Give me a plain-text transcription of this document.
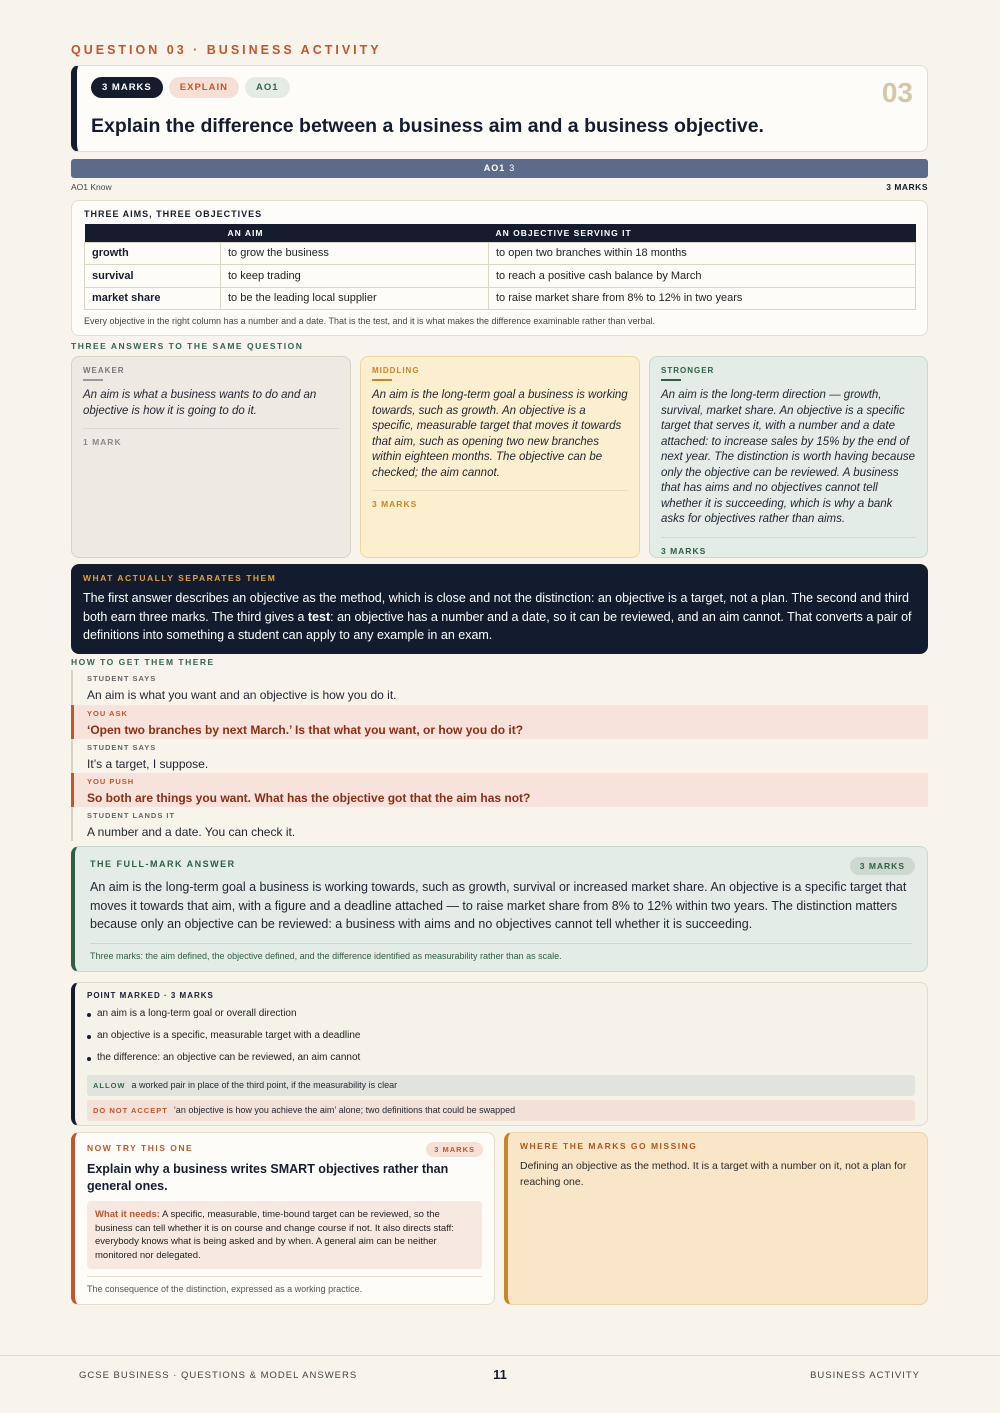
QUESTION 03 · BUSINESS ACTIVITY
3 MARKS	EXPLAIN	AO1	03
Explain the difference between a business aim and a business objective.
AO1 3
AO1 Know	3 MARKS
THREE AIMS, THREE OBJECTIVES
	AN AIM	AN OBJECTIVE SERVING IT
growth	to grow the business	to open two branches within 18 months
survival	to keep trading	to reach a positive cash balance by March
market share	to be the leading local supplier	to raise market share from 8% to 12% in two years
Every objective in the right column has a number and a date. That is the test, and it is what makes the difference examinable rather than verbal.
THREE ANSWERS TO THE SAME QUESTION
WEAKER
An aim is what a business wants to do and an objective is how it is going to do it.
1 MARK
MIDDLING
An aim is the long-term goal a business is working towards, such as growth. An objective is a specific, measurable target that moves it towards that aim, such as opening two new branches within eighteen months. The objective can be checked; the aim cannot.
3 MARKS
STRONGER
An aim is the long-term direction — growth, survival, market share. An objective is a specific target that serves it, with a number and a date attached: to increase sales by 15% by the end of next year. The distinction is worth having because only the objective can be reviewed. A business that has aims and no objectives cannot tell whether it is succeeding, which is why a bank asks for objectives rather than aims.
3 MARKS
WHAT ACTUALLY SEPARATES THEM
The first answer describes an objective as the method, which is close and not the distinction: an objective is a target, not a plan. The second and third both earn three marks. The third gives a test: an objective has a number and a date, so it can be reviewed, and an aim cannot. That converts a pair of definitions into something a student can apply to any example in an exam.
HOW TO GET THEM THERE
STUDENT SAYS
An aim is what you want and an objective is how you do it.
YOU ASK
‘Open two branches by next March.’ Is that what you want, or how you do it?
STUDENT SAYS
It’s a target, I suppose.
YOU PUSH
So both are things you want. What has the objective got that the aim has not?
STUDENT LANDS IT
A number and a date. You can check it.
THE FULL-MARK ANSWER	3 MARKS
An aim is the long-term goal a business is working towards, such as growth, survival or increased market share. An objective is a specific target that moves it towards that aim, with a figure and a deadline attached — to raise market share from 8% to 12% within two years. The distinction matters because only an objective can be reviewed: a business with aims and no objectives cannot tell whether it is succeeding.
Three marks: the aim defined, the objective defined, and the difference identified as measurability rather than as scale.
POINT MARKED · 3 MARKS
an aim is a long-term goal or overall direction
an objective is a specific, measurable target with a deadline
the difference: an objective can be reviewed, an aim cannot
ALLOW a worked pair in place of the third point, if the measurability is clear
DO NOT ACCEPT ‘an objective is how you achieve the aim’ alone; two definitions that could be swapped
NOW TRY THIS ONE	3 MARKS
Explain why a business writes SMART objectives rather than general ones.
What it needs: A specific, measurable, time-bound target can be reviewed, so the business can tell whether it is on course and change course if not. It also directs staff: everybody knows what is being asked and by when. A general aim can be neither monitored nor delegated.
The consequence of the distinction, expressed as a working practice.
WHERE THE MARKS GO MISSING
Defining an objective as the method. It is a target with a number on it, not a plan for reaching one.
GCSE BUSINESS · QUESTIONS & MODEL ANSWERS	11	BUSINESS ACTIVITY
